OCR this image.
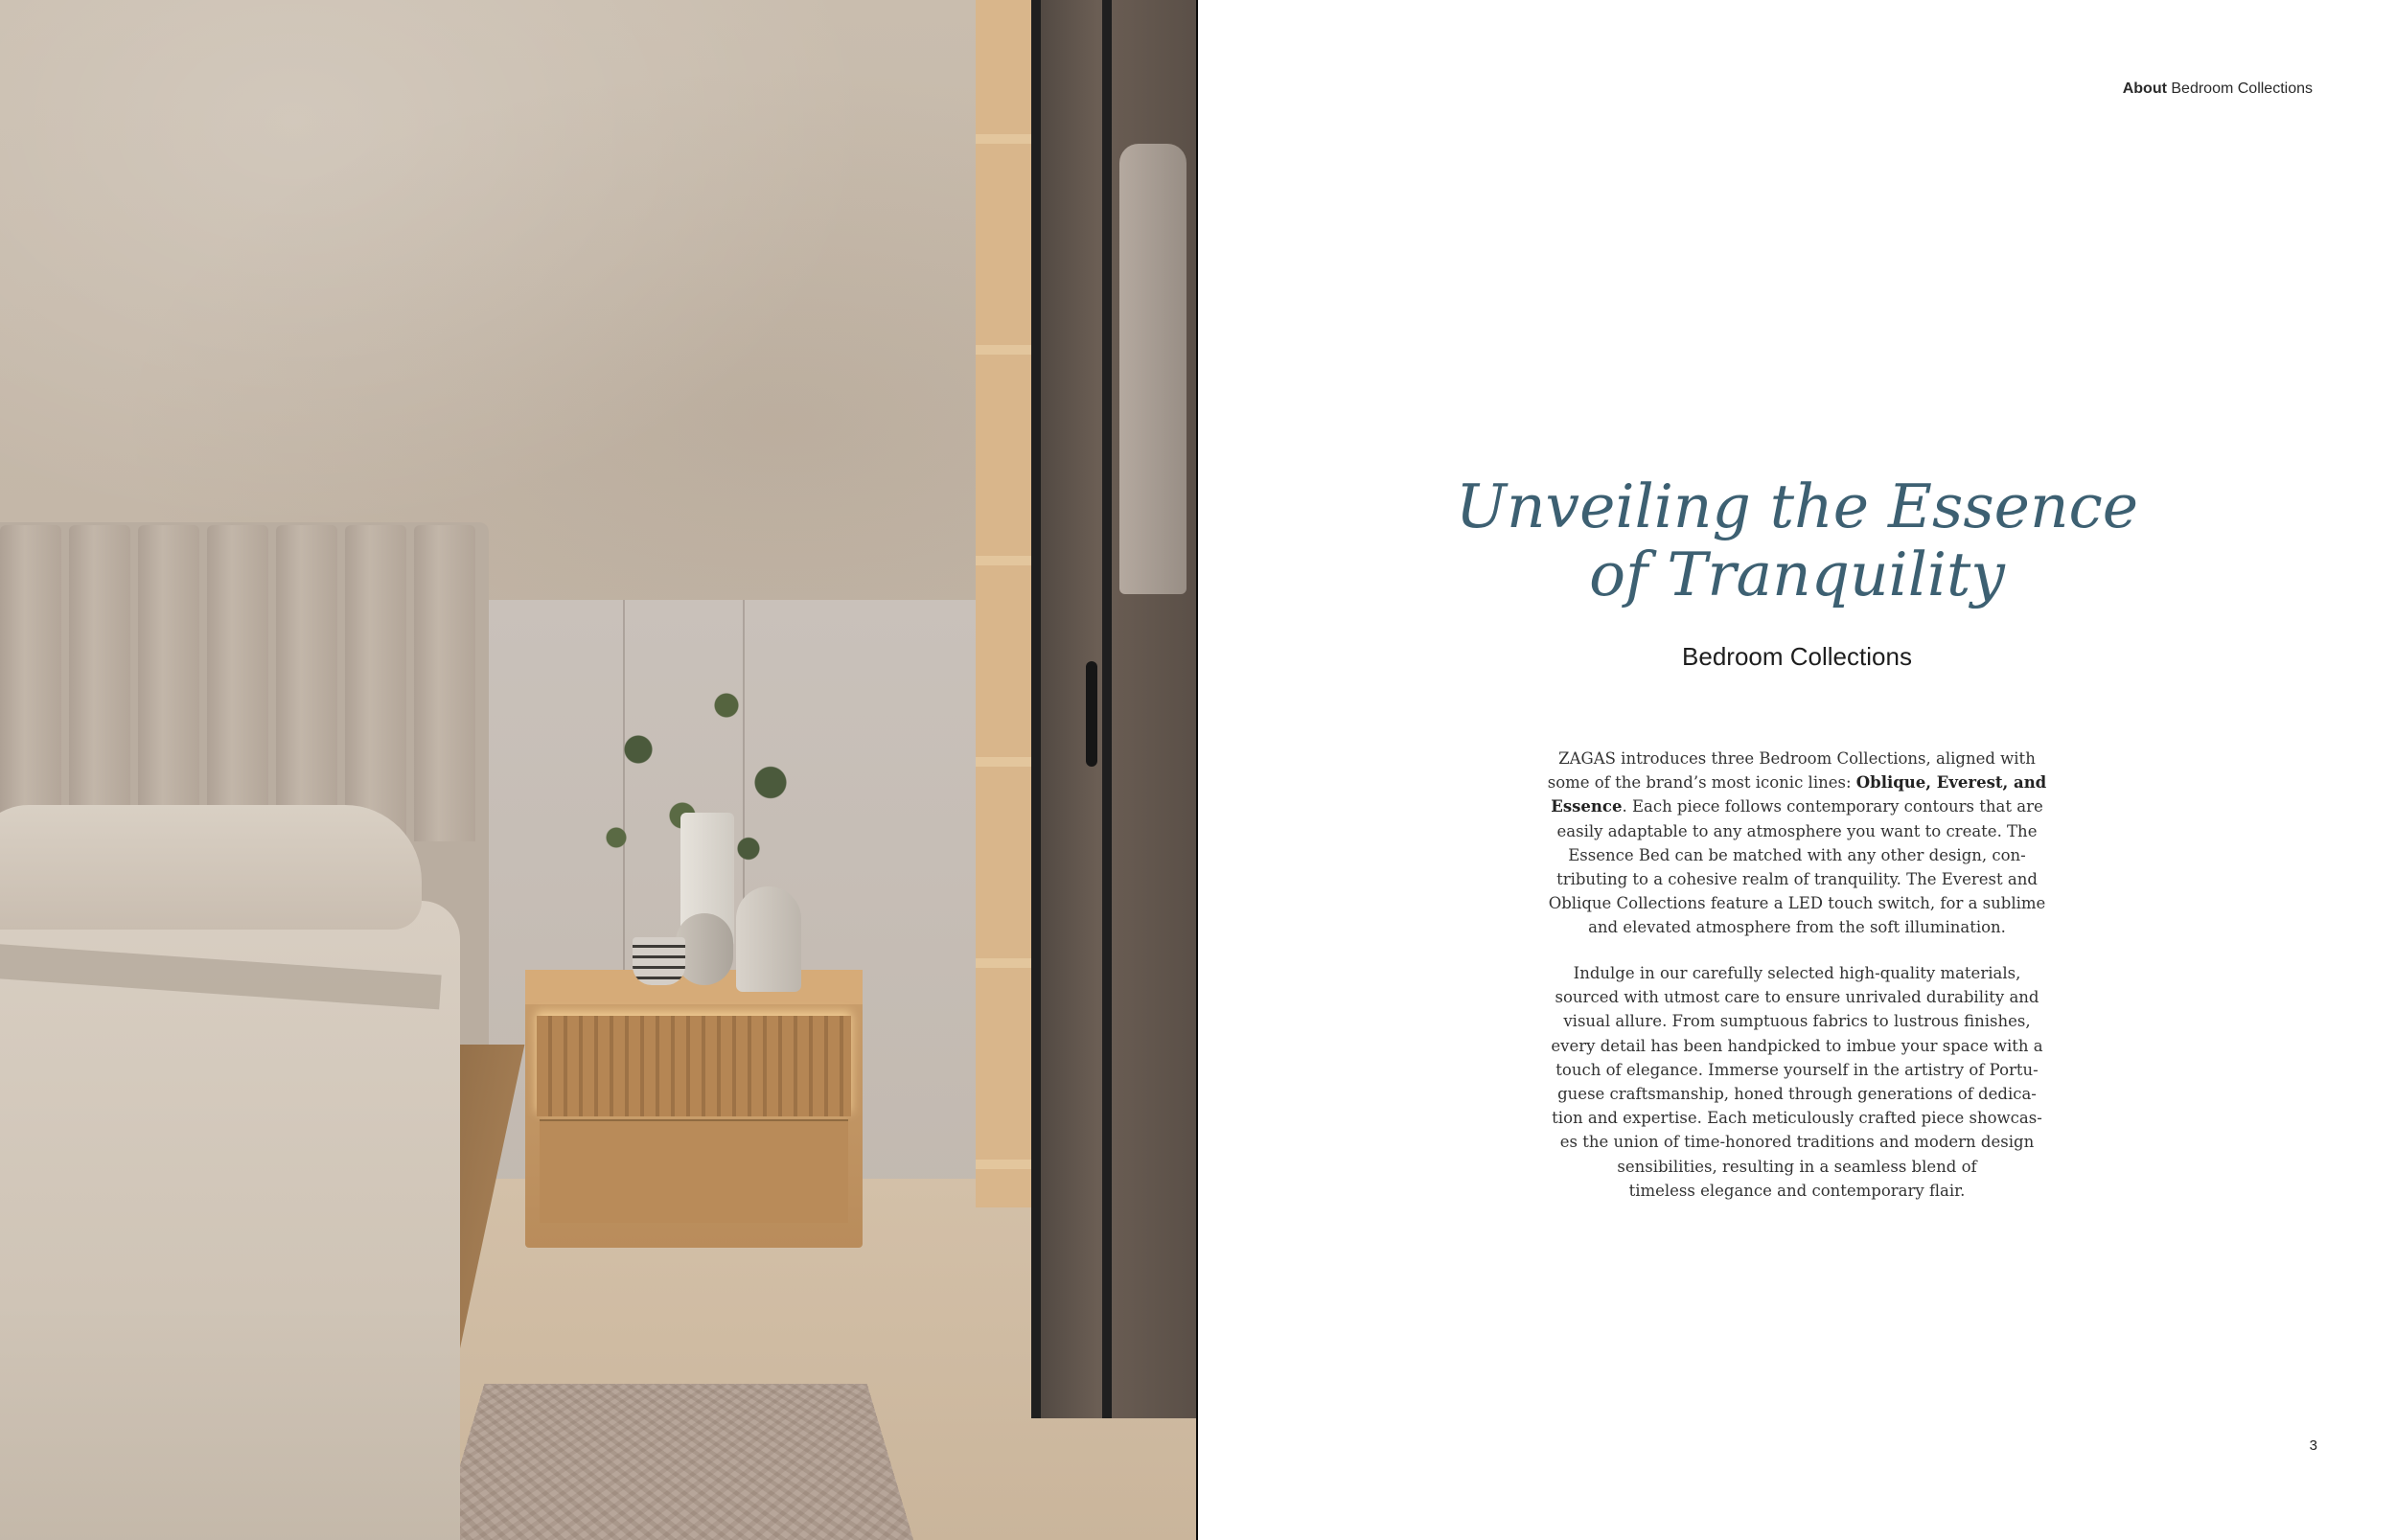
About Bedroom Collections
Unveiling the Essence
of Tranquility
Bedroom Collections
ZAGAS introduces three Bedroom Collections, aligned with
some of the brand’s most iconic lines: Oblique, Everest, and
Essence. Each piece follows contemporary contours that are
easily adaptable to any atmosphere you want to create. The
Essence Bed can be matched with any other design, con-
tributing to a cohesive realm of tranquility. The Everest and
Oblique Collections feature a LED touch switch, for a sublime
and elevated atmosphere from the soft illumination.
Indulge in our carefully selected high-quality materials,
sourced with utmost care to ensure unrivaled durability and
visual allure. From sumptuous fabrics to lustrous finishes,
every detail has been handpicked to imbue your space with a
touch of elegance. Immerse yourself in the artistry of Portu-
guese craftsmanship, honed through generations of dedica-
tion and expertise. Each meticulously crafted piece showcas-
es the union of time-honored traditions and modern design
sensibilities, resulting in a seamless blend of
timeless elegance and contemporary flair.
3
